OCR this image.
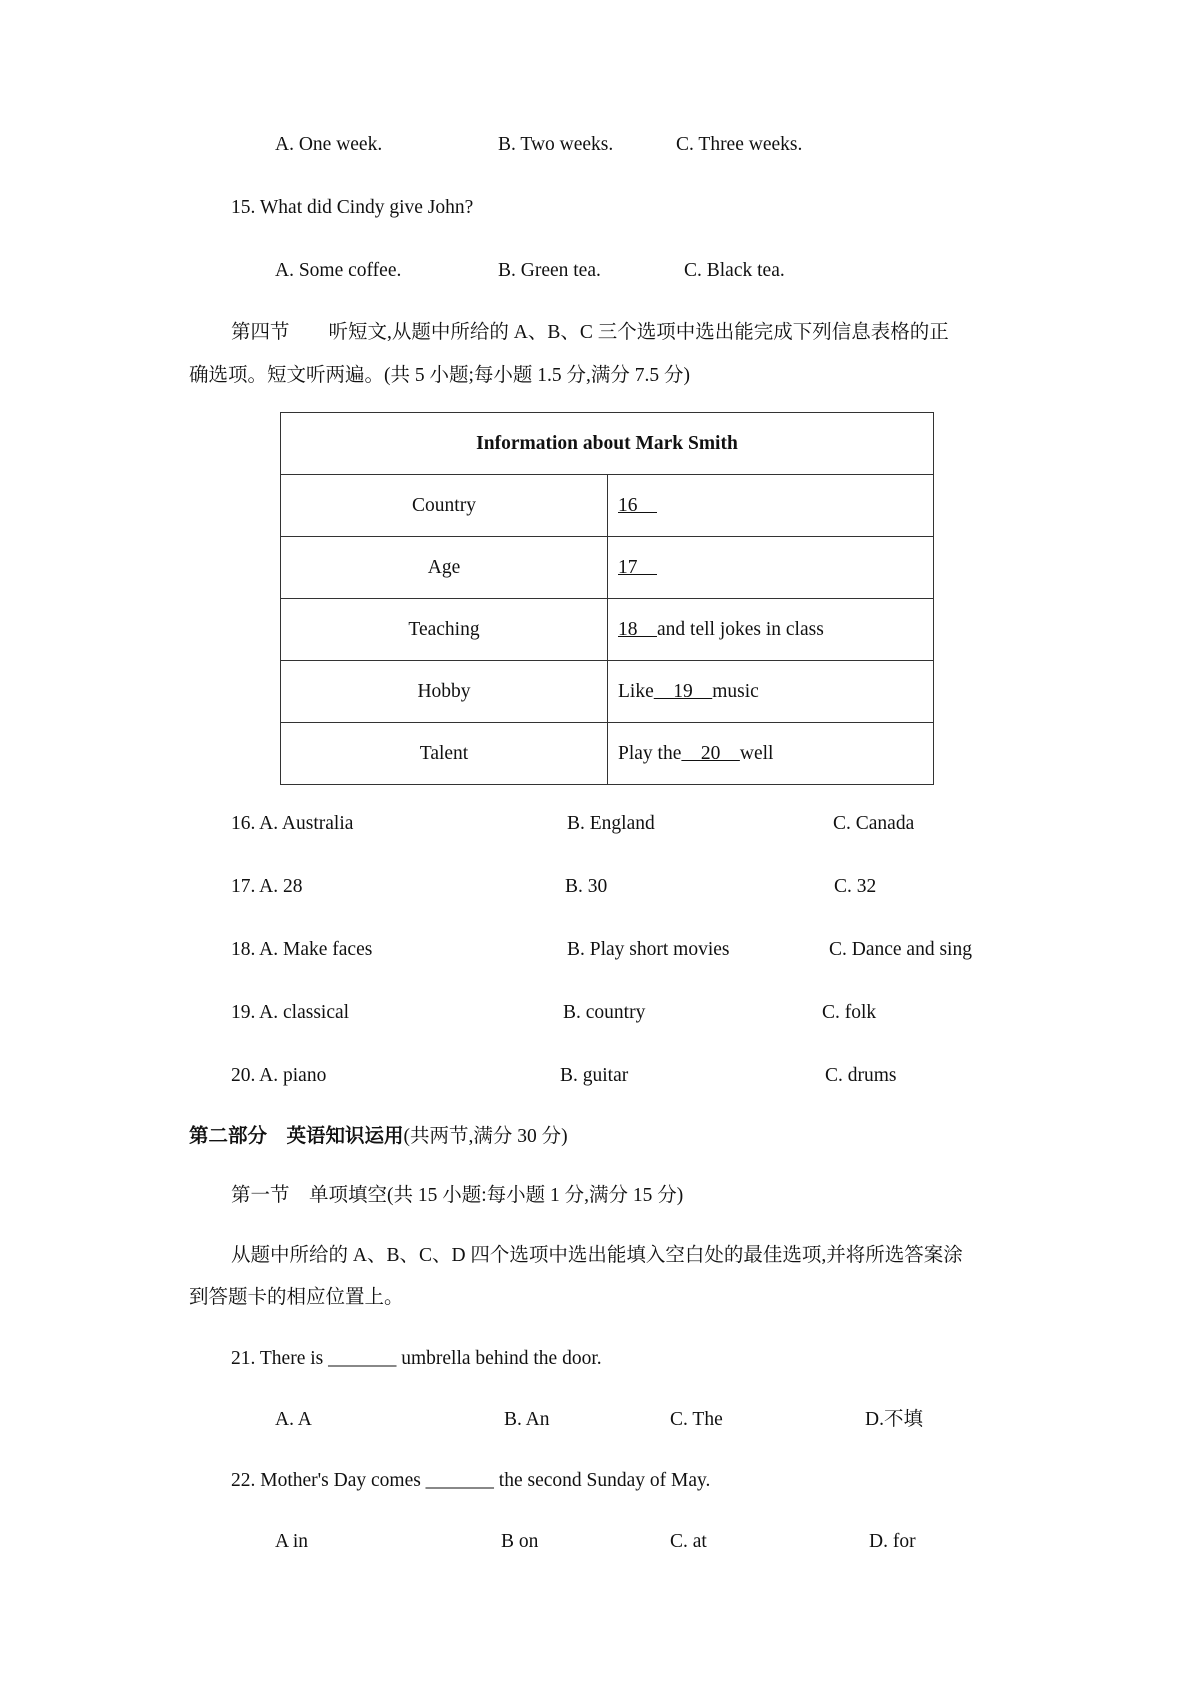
A. One week.	B. Two weeks.	C. Three weeks.
15. What did Cindy give John?
A. Some coffee.	B. Green tea.	C. Black tea.
第四节　　听短文,从题中所给的 A、B、C 三个选项中选出能完成下列信息表格的正
确选项。短文听两遍。(共 5 小题;每小题 1.5 分,满分 7.5 分)
Information about Mark Smith	
Country	16
Age	17
Teaching	18    and tell jokes in class
Hobby	Like    19    music
Talent	Play the    20    well
16. A. Australia	B. England	C. Canada
17. A. 28	B. 30	C. 32
18. A. Make faces	B. Play short movies	C. Dance and sing
19. A. classical	B. country	C. folk
20. A. piano	B. guitar	C. drums
第二部分　英语知识运用(共两节,满分 30 分)
第一节　单项填空(共 15 小题:每小题 1 分,满分 15 分)
从题中所给的 A、B、C、D 四个选项中选出能填入空白处的最佳选项,并将所选答案涂
到答题卡的相应位置上。
21. There is _______ umbrella behind the door.
A. A	B. An	C. The	D.不填
22. Mother's Day comes _______ the second Sunday of May.
A in	B on	C. at	D. for
